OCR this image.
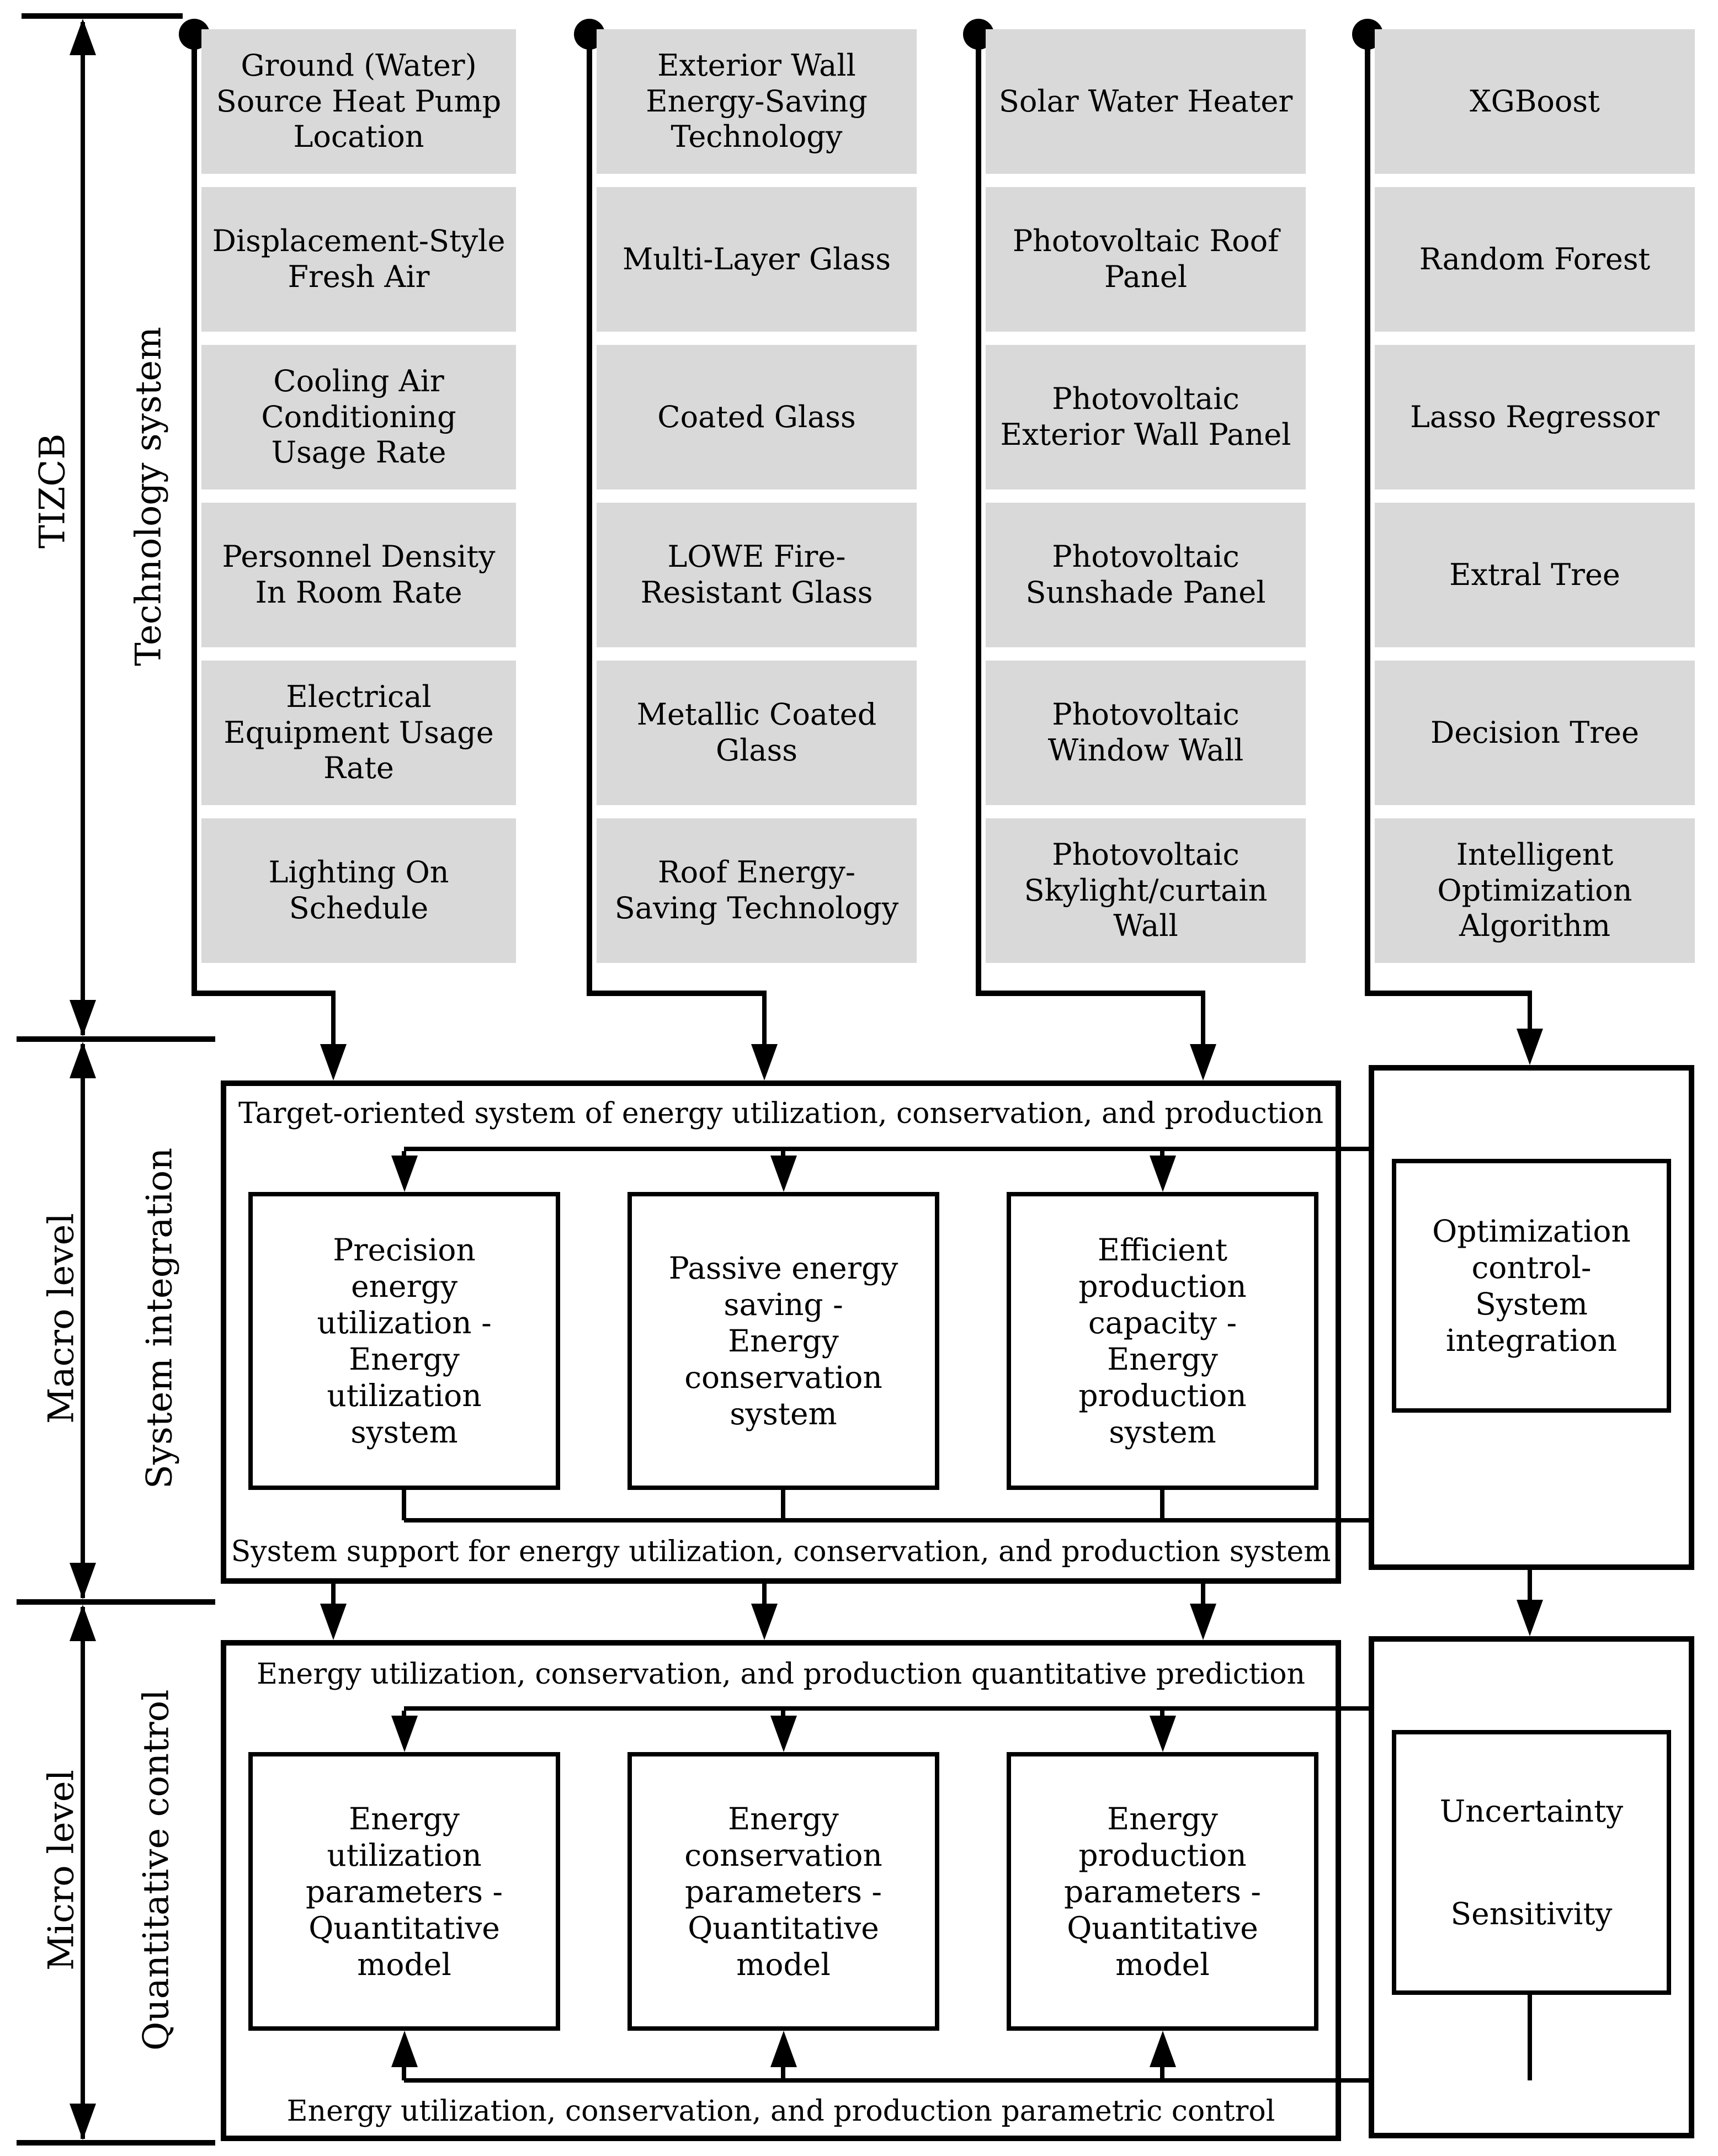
TIZCB Technology system
Macro level System integration
Micro level Quantitative control
Ground (Water) Source Heat Pump Location
Displacement-Style Fresh Air
Cooling Air Conditioning Usage Rate
Personnel Density In Room Rate
Electrical Equipment Usage Rate
Lighting On Schedule
Exterior Wall Energy-Saving Technology
Multi-Layer Glass
Coated Glass
LOWE Fire-Resistant Glass
Metallic Coated Glass
Roof Energy-Saving Technology
Solar Water Heater
Photovoltaic Roof Panel
Photovoltaic Exterior Wall Panel
Photovoltaic Sunshade Panel
Photovoltaic Window Wall
Photovoltaic Skylight/curtain Wall
XGBoost
Random Forest
Lasso Regressor
Extral Tree
Decision Tree
Intelligent Optimization Algorithm
Target-oriented system of energy utilization, conservation, and production
Precision energy utilization - Energy utilization system
Passive energy saving - Energy conservation system
Efficient production capacity - Energy production system
System support for energy utilization, conservation, and production system
Optimization control- System integration
Energy utilization, conservation, and production quantitative prediction
Energy utilization parameters - Quantitative model
Energy conservation parameters - Quantitative model
Energy production parameters - Quantitative model
Energy utilization, conservation, and production parametric control
Uncertainty
Sensitivity
